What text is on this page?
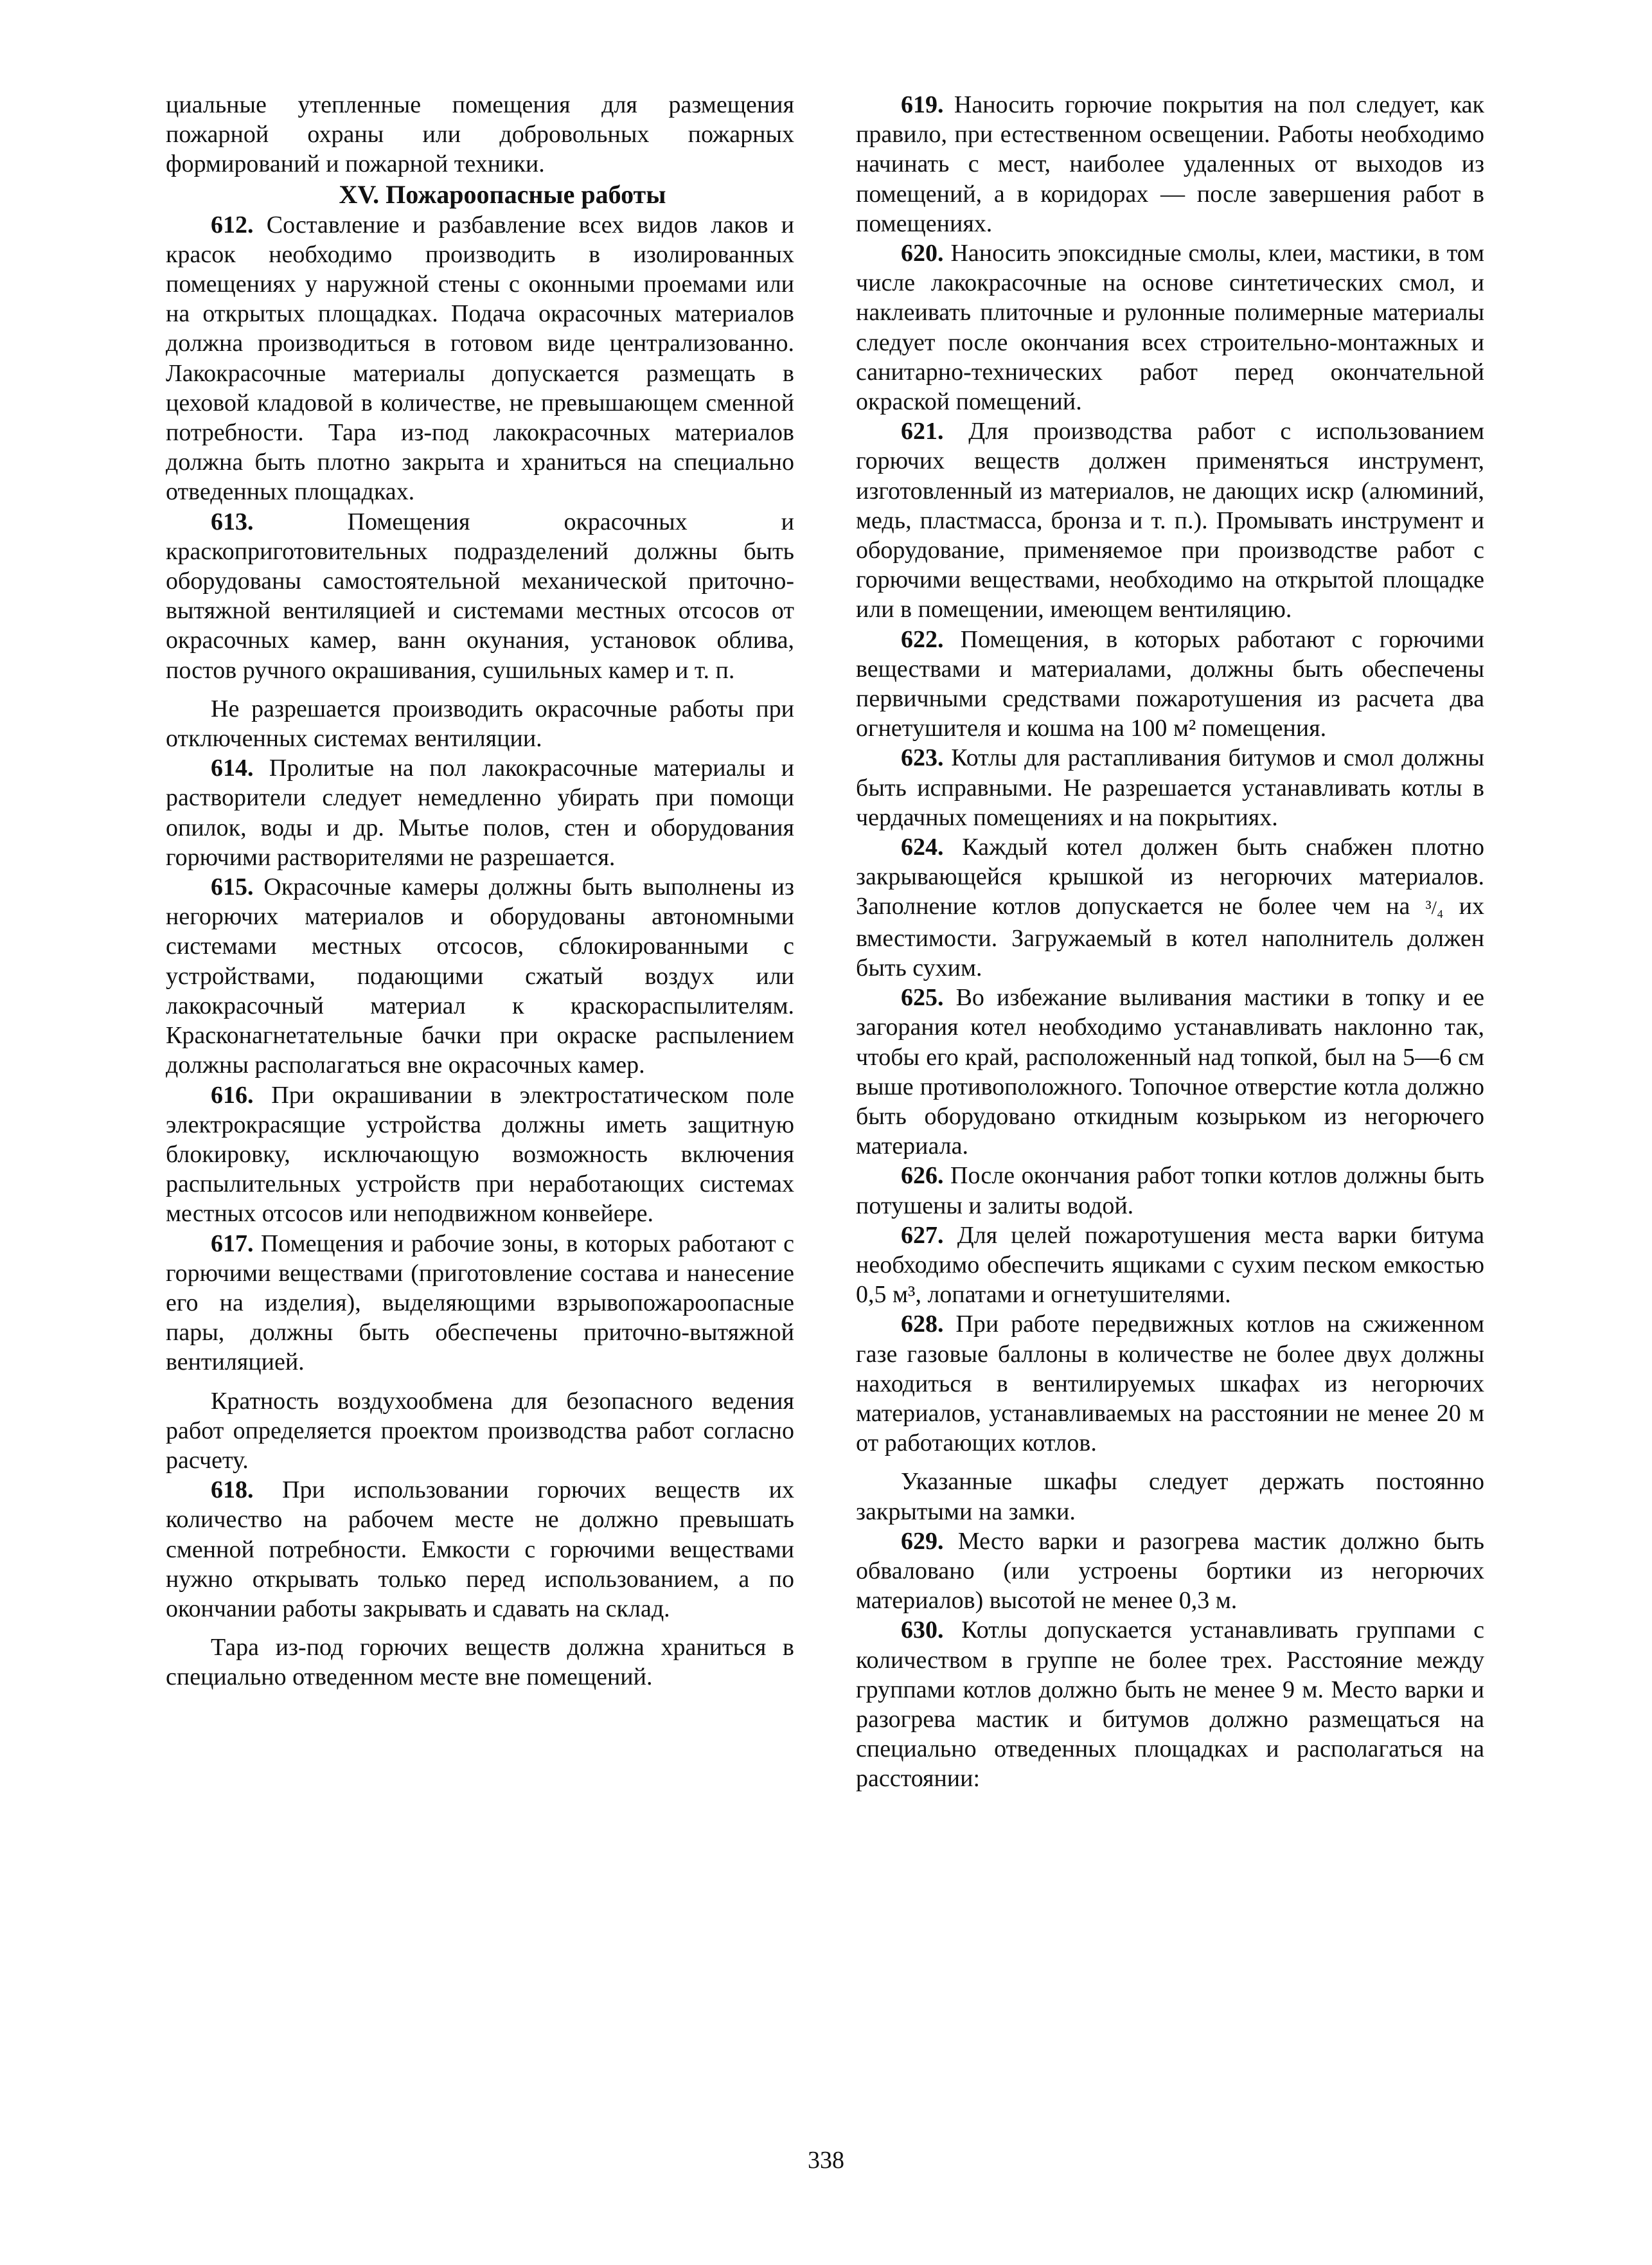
циальные утепленные помещения для размещения пожарной охраны или добровольных пожарных формирований и пожарной техники.

XV. Пожароопасные работы

612. Составление и разбавление всех видов лаков и красок необходимо производить в изолированных помещениях у наружной стены с оконными проемами или на открытых площадках. Подача окрасочных материалов должна производиться в готовом виде централизованно. Лакокрасочные материалы допускается размещать в цеховой кладовой в количестве, не превышающем сменной потребности. Тара из-под лакокрасочных материалов должна быть плотно закрыта и храниться на специально отведенных площадках.

613. Помещения окрасочных и краскоприготовительных подразделений должны быть оборудованы самостоятельной механической приточно-вытяжной вентиляцией и системами местных отсосов от окрасочных камер, ванн окунания, установок облива, постов ручного окрашивания, сушильных камер и т. п.

Не разрешается производить окрасочные работы при отключенных системах вентиляции.

614. Пролитые на пол лакокрасочные материалы и растворители следует немедленно убирать при помощи опилок, воды и др. Мытье полов, стен и оборудования горючими растворителями не разрешается.

615. Окрасочные камеры должны быть выполнены из негорючих материалов и оборудованы автономными системами местных отсосов, сблокированными с устройствами, подающими сжатый воздух или лакокрасочный материал к краскораспылителям. Красконагнетательные бачки при окраске распылением должны располагаться вне окрасочных камер.

616. При окрашивании в электростатическом поле электрокрасящие устройства должны иметь защитную блокировку, исключающую возможность включения распылительных устройств при неработающих системах местных отсосов или неподвижном конвейере.

617. Помещения и рабочие зоны, в которых работают с горючими веществами (приготовление состава и нанесение его на изделия), выделяющими взрывопожароопасные пары, должны быть обеспечены приточно-вытяжной вентиляцией.

Кратность воздухообмена для безопасного ведения работ определяется проектом производства работ согласно расчету.

618. При использовании горючих веществ их количество на рабочем месте не должно превышать сменной потребности. Емкости с горючими веществами нужно открывать только перед использованием, а по окончании работы закрывать и сдавать на склад.

Тара из-под горючих веществ должна храниться в специально отведенном месте вне помещений.

619. Наносить горючие покрытия на пол следует, как правило, при естественном освещении. Работы необходимо начинать с мест, наиболее удаленных от выходов из помещений, а в коридорах — после завершения работ в помещениях.

620. Наносить эпоксидные смолы, клеи, мастики, в том числе лакокрасочные на основе синтетических смол, и наклеивать плиточные и рулонные полимерные материалы следует после окончания всех строительно-монтажных и санитарно-технических работ перед окончательной окраской помещений.

621. Для производства работ с использованием горючих веществ должен применяться инструмент, изготовленный из материалов, не дающих искр (алюминий, медь, пластмасса, бронза и т. п.). Промывать инструмент и оборудование, применяемое при производстве работ с горючими веществами, необходимо на открытой площадке или в помещении, имеющем вентиляцию.

622. Помещения, в которых работают с горючими веществами и материалами, должны быть обеспечены первичными средствами пожаротушения из расчета два огнетушителя и кошма на 100 м² помещения.

623. Котлы для растапливания битумов и смол должны быть исправными. Не разрешается устанавливать котлы в чердачных помещениях и на покрытиях.

624. Каждый котел должен быть снабжен плотно закрывающейся крышкой из негорючих материалов. Заполнение котлов допускается не более чем на ³/₄ их вместимости. Загружаемый в котел наполнитель должен быть сухим.

625. Во избежание выливания мастики в топку и ее загорания котел необходимо устанавливать наклонно так, чтобы его край, расположенный над топкой, был на 5—6 см выше противоположного. Топочное отверстие котла должно быть оборудовано откидным козырьком из негорючего материала.

626. После окончания работ топки котлов должны быть потушены и залиты водой.

627. Для целей пожаротушения места варки битума необходимо обеспечить ящиками с сухим песком емкостью 0,5 м³, лопатами и огнетушителями.

628. При работе передвижных котлов на сжиженном газе газовые баллоны в количестве не более двух должны находиться в вентилируемых шкафах из негорючих материалов, устанавливаемых на расстоянии не менее 20 м от работающих котлов.

Указанные шкафы следует держать постоянно закрытыми на замки.

629. Место варки и разогрева мастик должно быть обваловано (или устроены бортики из негорючих материалов) высотой не менее 0,3 м.

630. Котлы допускается устанавливать группами с количеством в группе не более трех. Расстояние между группами котлов должно быть не менее 9 м. Место варки и разогрева мастик и битумов должно размещаться на специально отведенных площадках и располагаться на расстоянии:

338
